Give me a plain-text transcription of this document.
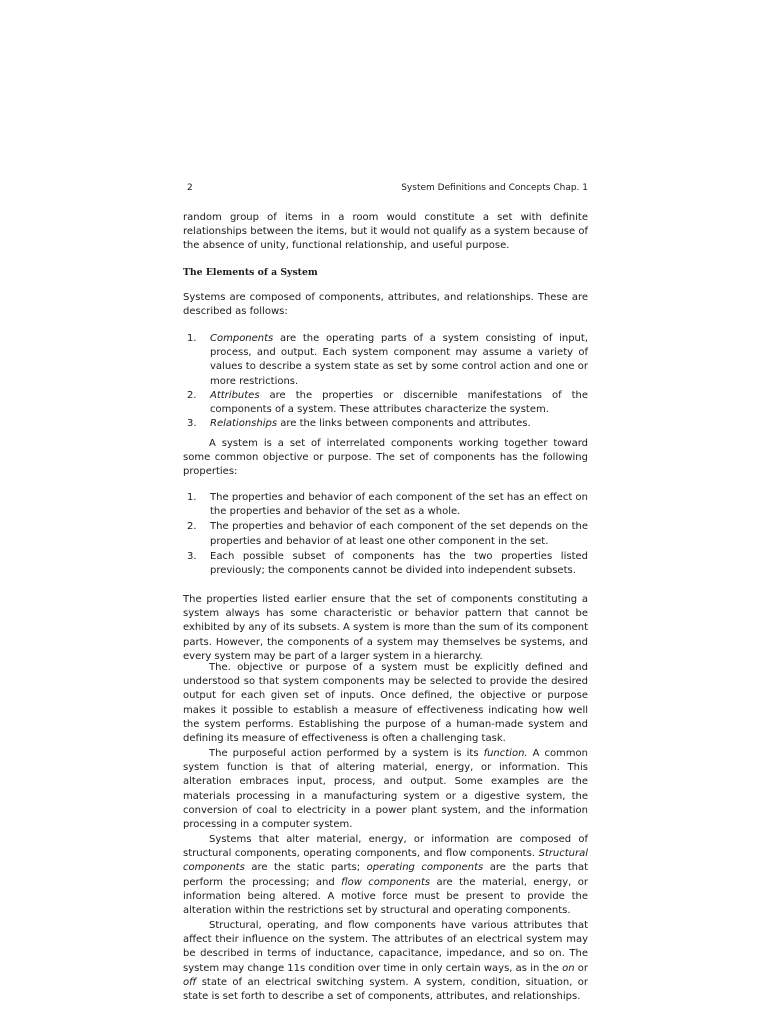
2	System Definitions and Concepts Chap. 1
random group of items in a room would constitute a set with definite relationships between the items, but it would not qualify as a system because of the absence of unity, functional relationship, and useful purpose.
The Elements of a System
Systems are composed of components, attributes, and relationships. These are described as follows:
1. Components are the operating parts of a system consisting of input, process, and output. Each system component may assume a variety of values to describe a system state as set by some control action and one or more restrictions.
2. Attributes are the properties or discernible manifestations of the components of a system. These attributes characterize the system.
3. Relationships are the links between components and attributes.
A system is a set of interrelated components working together toward some common objective or purpose. The set of components has the following properties:
1. The properties and behavior of each component of the set has an effect on the properties and behavior of the set as a whole.
2. The properties and behavior of each component of the set depends on the properties and behavior of at least one other component in the set.
3. Each possible subset of components has the two properties listed previously; the components cannot be divided into independent subsets.
The properties listed earlier ensure that the set of components constituting a system always has some characteristic or behavior pattern that cannot be exhibited by any of its subsets. A system is more than the sum of its component parts. However, the components of a system may themselves be systems, and every system may be part of a larger system in a hierarchy.
The. objective or purpose of a system must be explicitly defined and understood so that system components may be selected to provide the desired output for each given set of inputs. Once defined, the objective or purpose makes it possible to establish a measure of effectiveness indicating how well the system performs. Establishing the purpose of a human-made system and defining its measure of effectiveness is often a challenging task.
The purposeful action performed by a system is its function. A common system function is that of altering material, energy, or information. This alteration embraces input, process, and output. Some examples are the materials processing in a manufacturing system or a digestive system, the conversion of coal to electricity in a power plant system, and the information processing in a computer system.
Systems that alter material, energy, or information are composed of structural components, operating components, and flow components. Structural components are the static parts; operating components are the parts that perform the processing; and flow components are the material, energy, or information being altered. A motive force must be present to provide the alteration within the restrictions set by structural and operating components.
Structural, operating, and flow components have various attributes that affect their influence on the system. The attributes of an electrical system may be described in terms of inductance, capacitance, impedance, and so on. The system may change 11s condition over time in only certain ways, as in the on or off state of an electrical switching system. A system, condition, situation, or state is set forth to describe a set of components, attributes, and relationships.
